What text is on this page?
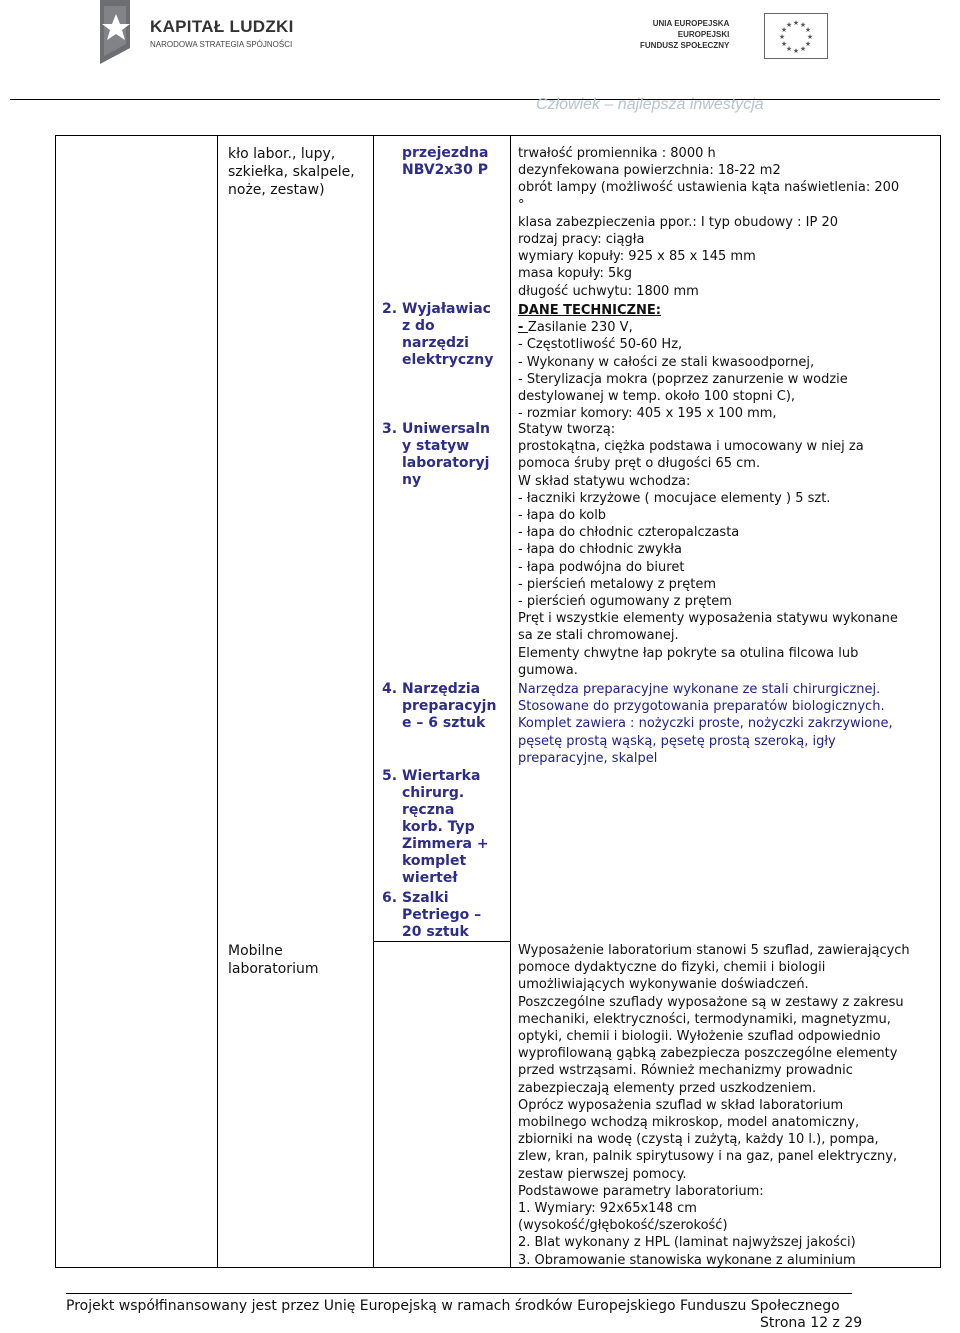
KAPITAŁ LUDZKI
NARODOWA STRATEGIA SPÓJNOŚCI
UNIA EUROPEJSKA
EUROPEJSKI
FUNDUSZ SPOŁECZNY
★ ★
★
★
★
★
★
★
★
★
★
★
Człowiek – najlepsza inwestycja
kło labor., lupy,
szkiełka, skalpele,
noże, zestaw)
Mobilne
laboratorium
przejezdna
NBV2x30 P
2. Wyjaławiac
z do
narzędzi
elektryczny
3. Uniwersaln
y statyw
laboratoryj
ny
4. Narzędzia
preparacyjn
e – 6 sztuk
5. Wiertarka
chirurg.
ręczna
korb. Typ
Zimmera +
komplet
wierteł
6. Szalki
Petriego –
20 sztuk
trwałość promiennika : 8000 h
dezynfekowana powierzchnia: 18-22 m2
obrót lampy (możliwość ustawienia kąta naświetlenia: 200
°
klasa zabezpieczenia ppor.: I typ obudowy : IP 20
rodzaj pracy: ciągła
wymiary kopuły: 925 x 85 x 145 mm
masa kopuły: 5kg
długość uchwytu: 1800 mm
DANE TECHNICZNE:
- Zasilanie 230 V,
- Częstotliwość 50-60 Hz,
- Wykonany w całości ze stali kwasoodpornej,
- Sterylizacja mokra (poprzez zanurzenie w wodzie
destylowanej w temp. około 100 stopni C),
- rozmiar komory: 405 x 195 x 100 mm,
Statyw tworzą:
prostokątna, ciężka podstawa i umocowany w niej za
pomoca śruby pręt o długości 65 cm.
W skład statywu wchodza:
- łaczniki krzyżowe ( mocujace elementy ) 5 szt.
- łapa do kolb
- łapa do chłodnic czteropalczasta
- łapa do chłodnic zwykła
- łapa podwójna do biuret
- pierścień metalowy z prętem
- pierścień ogumowany z prętem
Pręt i wszystkie elementy wyposażenia statywu wykonane
sa ze stali chromowanej.
Elementy chwytne łap pokryte sa otulina filcowa lub
gumowa.
Narzędza preparacyjne wykonane ze stali chirurgicznej.
Stosowane do przygotowania preparatów biologicznych.
Komplet zawiera : nożyczki proste, nożyczki zakrzywione,
pęsetę prostą wąską, pęsetę prostą szeroką, igły
preparacyjne, skalpel
Wyposażenie laboratorium stanowi 5 szuflad, zawierających
pomoce dydaktyczne do fizyki, chemii i biologii
umożliwiających wykonywanie doświadczeń.
Poszczególne szuflady wyposażone są w zestawy z zakresu
mechaniki, elektryczności, termodynamiki, magnetyzmu,
optyki, chemii i biologii. Wyłożenie szuflad odpowiednio
wyprofilowaną gąbką zabezpiecza poszczególne elementy
przed wstrząsami. Również mechanizmy prowadnic
zabezpieczają elementy przed uszkodzeniem.
Oprócz wyposażenia szuflad w skład laboratorium
mobilnego wchodzą mikroskop, model anatomiczny,
zbiorniki na wodę (czystą i zużytą, każdy 10 l.), pompa,
zlew, kran, palnik spirytusowy i na gaz, panel elektryczny,
zestaw pierwszej pomocy.
Podstawowe parametry laboratorium:
1. Wymiary: 92x65x148 cm
(wysokość/głębokość/szerokość)
2. Blat wykonany z HPL (laminat najwyższej jakości)
3. Obramowanie stanowiska wykonane z aluminium
Projekt współfinansowany jest przez Unię Europejską w ramach środków Europejskiego Funduszu Społecznego
Strona 12 z 29
